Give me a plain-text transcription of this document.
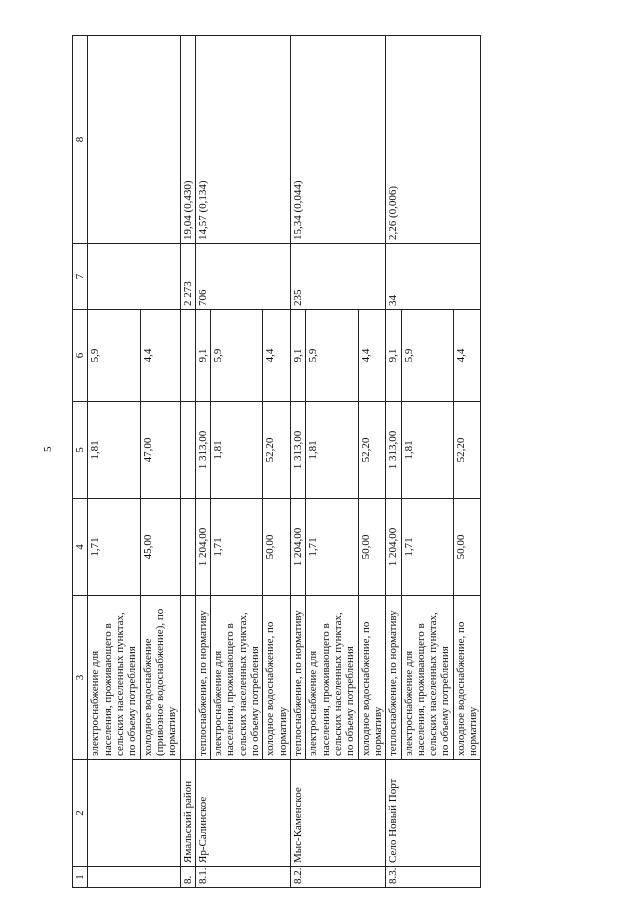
5
1	2	3	4	5	6	7	8
		электроснабжение для населения, проживающего в сельских населенных пунктах, по объему потребления	1,71	1,81	5,9		
		холодное водоснабжение (привозное водоснабжение), по нормативу	45,00	47,00	4,4		
8.	Ямальский район					2 273	19,04 (0,430)
8.1.	Яр-Салинское	теплоснабжение, по нормативу	1 204,00	1 313,00	9,1	706	14,57 (0,134)
		электроснабжение для населения, проживающего в сельских населенных пунктах, по объему потребления	1,71	1,81	5,9		
		холодное водоснабжение, по нормативу	50,00	52,20	4,4		
8.2.	Мыс-Каменское	теплоснабжение, по нормативу	1 204,00	1 313,00	9,1	235	15,34 (0,044)
		электроснабжение для населения, проживающего в сельских населенных пунктах, по объему потребления	1,71	1,81	5,9		
		холодное водоснабжение, по нормативу	50,00	52,20	4,4		
8.3.	Село Новый Порт	теплоснабжение, по нормативу	1 204,00	1 313,00	9,1	34	2,26 (0,006)
		электроснабжение для населения, проживающего в сельских населенных пунктах, по объему потребления	1,71	1,81	5,9		
		холодное водоснабжение, по нормативу	50,00	52,20	4,4		
